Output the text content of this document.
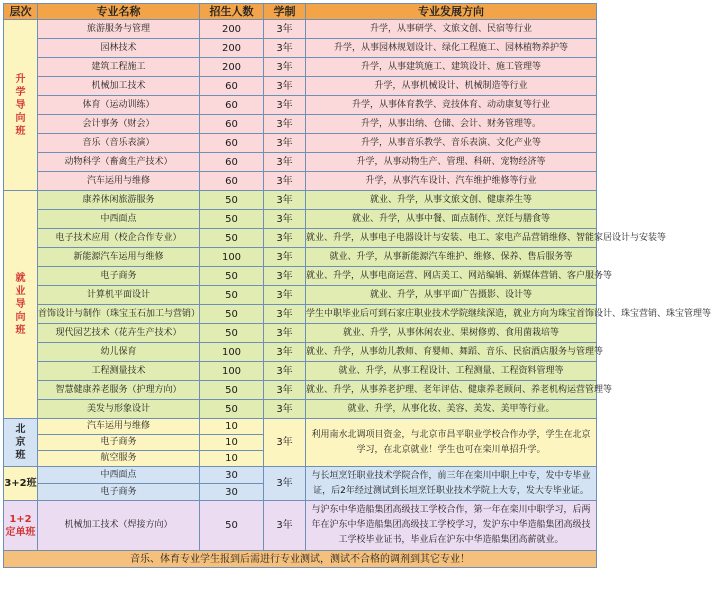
层次	专业名称	招生人数	学制	专业发展方向
升
学
导
向
班	旅游服务与管理	200	3年	升学，从事研学、文旅文创、民宿等行业
	园林技术	200	3年	升学，从事园林规划设计、绿化工程施工、园林植物养护等
	建筑工程施工	200	3年	升学，从事建筑施工、建筑设计、施工管理等
	机械加工技术	60	3年	升学，从事机械设计、机械制造等行业
	体育（运动训练）	60	3年	升学，从事体育教学、竞技体育、动动康复等行业
	会计事务（财会）	60	3年	升学，从事出纳、仓储、会计、财务管理等。
	音乐（音乐表演）	60	3年	升学，从事音乐教学、音乐表演、文化产业等
	动物科学（畜禽生产技术）	60	3年	升学，从事动物生产、管理、科研、宠物经济等
	汽车运用与维修	60	3年	升学，从事汽车设计、汽车维护维修等行业
就
业
导
向
班	康养休闲旅游服务	50	3年	就业、升学，从事文旅文创、健康养生等
	中西面点	50	3年	就业、升学，从事中餐、面点制作、烹饪与膳食等
	电子技术应用（校企合作专业）	50	3年	就业、升学，从事电子电器设计与安装、电工、家电产品营销维修、智能家居设计与安装等
	新能源汽车运用与维修	100	3年	就业、升学，从事新能源汽车维护、维修、保养、售后服务等
	电子商务	50	3年	就业、升学，从事电商运营、网店美工、网站编辑、新媒体营销、客户服务等
	计算机平面设计	50	3年	就业、升学，从事平面广告摄影、设计等
	首饰设计与制作（珠宝玉石加工与营销）	50	3年	学生中职毕业后可到石家庄职业技术学院继续深造，就业方向为珠宝首饰设计、珠宝营销、珠宝管理等
	现代园艺技术（花卉生产技术）	50	3年	就业、升学，从事休闲农业、果树修剪、食用菌栽培等
	幼儿保育	100	3年	就业、升学，从事幼儿教师、育婴师、舞蹈、音乐、民宿酒店服务与管理等
	工程测量技术	100	3年	就业、升学，从事工程设计、工程测量、工程资料管理等
	智慧健康养老服务（护理方向）	50	3年	就业、升学，从事养老护理、老年评估、健康养老顾问、养老机构运营管理等
	美发与形象设计	50	3年	就业、升学，从事化妆、美容、美发、美甲等行业。
北
京
班	汽车运用与维修	10	3年	利用南水北调项目资金，与北京市昌平职业学校合作办学，学生在北京学习，在北京就业！学生也可在栾川单招升学。
	电子商务	10		
	航空服务	10		
3+2班	中西面点	30	3年	与长垣烹饪职业技术学院合作，前三年在栾川中职上中专，发中专毕业证，后2年经过测试到长垣烹饪职业技术学院上大专，发大专毕业证。
	电子商务	30		
1+2
定单班	机械加工技术（焊接方向）	50	3年	与沪东中华造船集团高级技工学校合作，第一年在栾川中职学习，后两年在沪东中华造船集团高级技工学校学习，发沪东中华造船集团高级技工学校毕业证书，毕业后在沪东中华造船集团高薪就业。
音乐、体育专业学生报到后需进行专业测试，测试不合格的调剂到其它专业！				
